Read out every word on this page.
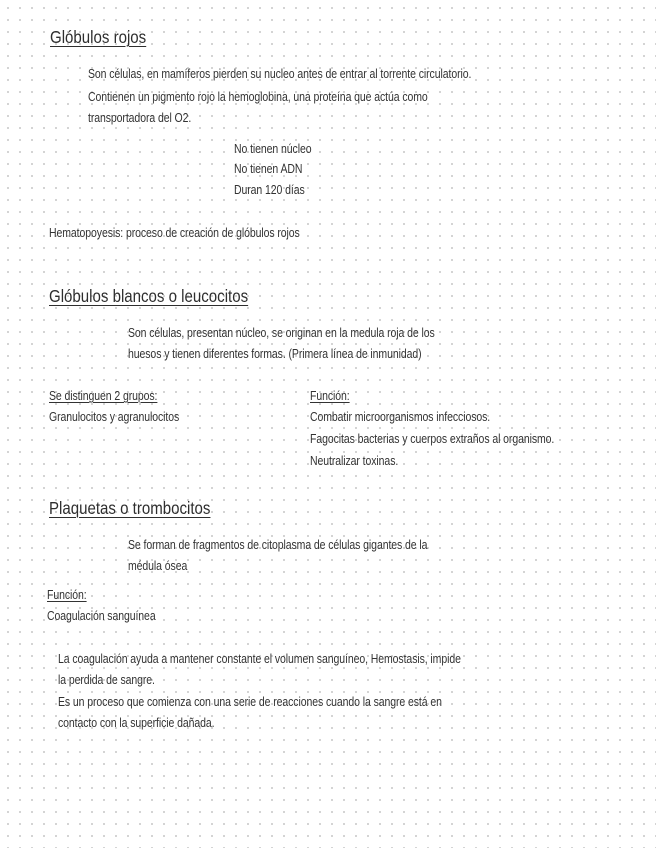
Glóbulos rojos
Son células, en mamíferos pierden su nucleo antes de entrar al torrente circulatorio.
Contienen un pigmento rojo la hemoglobina, una proteína que actúa como
transportadora del O2.
No tienen núcleo
No tienen ADN
Duran 120 días
Hematopoyesis: proceso de creación de glóbulos rojos
Glóbulos blancos o leucocitos
Son células, presentan núcleo, se originan en la medula roja de los
huesos y tienen diferentes formas. (Primera línea de inmunidad)
Se distinguen 2 grupos:
Granulocitos y agranulocitos
Función:
Combatir microorganismos infecciosos.
Fagocitas bacterias y cuerpos extraños al organismo.
Neutralizar toxinas.
Plaquetas o trombocitos
Se forman de fragmentos de citoplasma de células gigantes de la
médula ósea
Función:
Coagulación sanguínea
La coagulación ayuda a mantener constante el volumen sanguíneo, Hemostasis, impide
la perdida de sangre.
Es un proceso que comienza con una serie de reacciones cuando la sangre está en
contacto con la superficie dañada.
